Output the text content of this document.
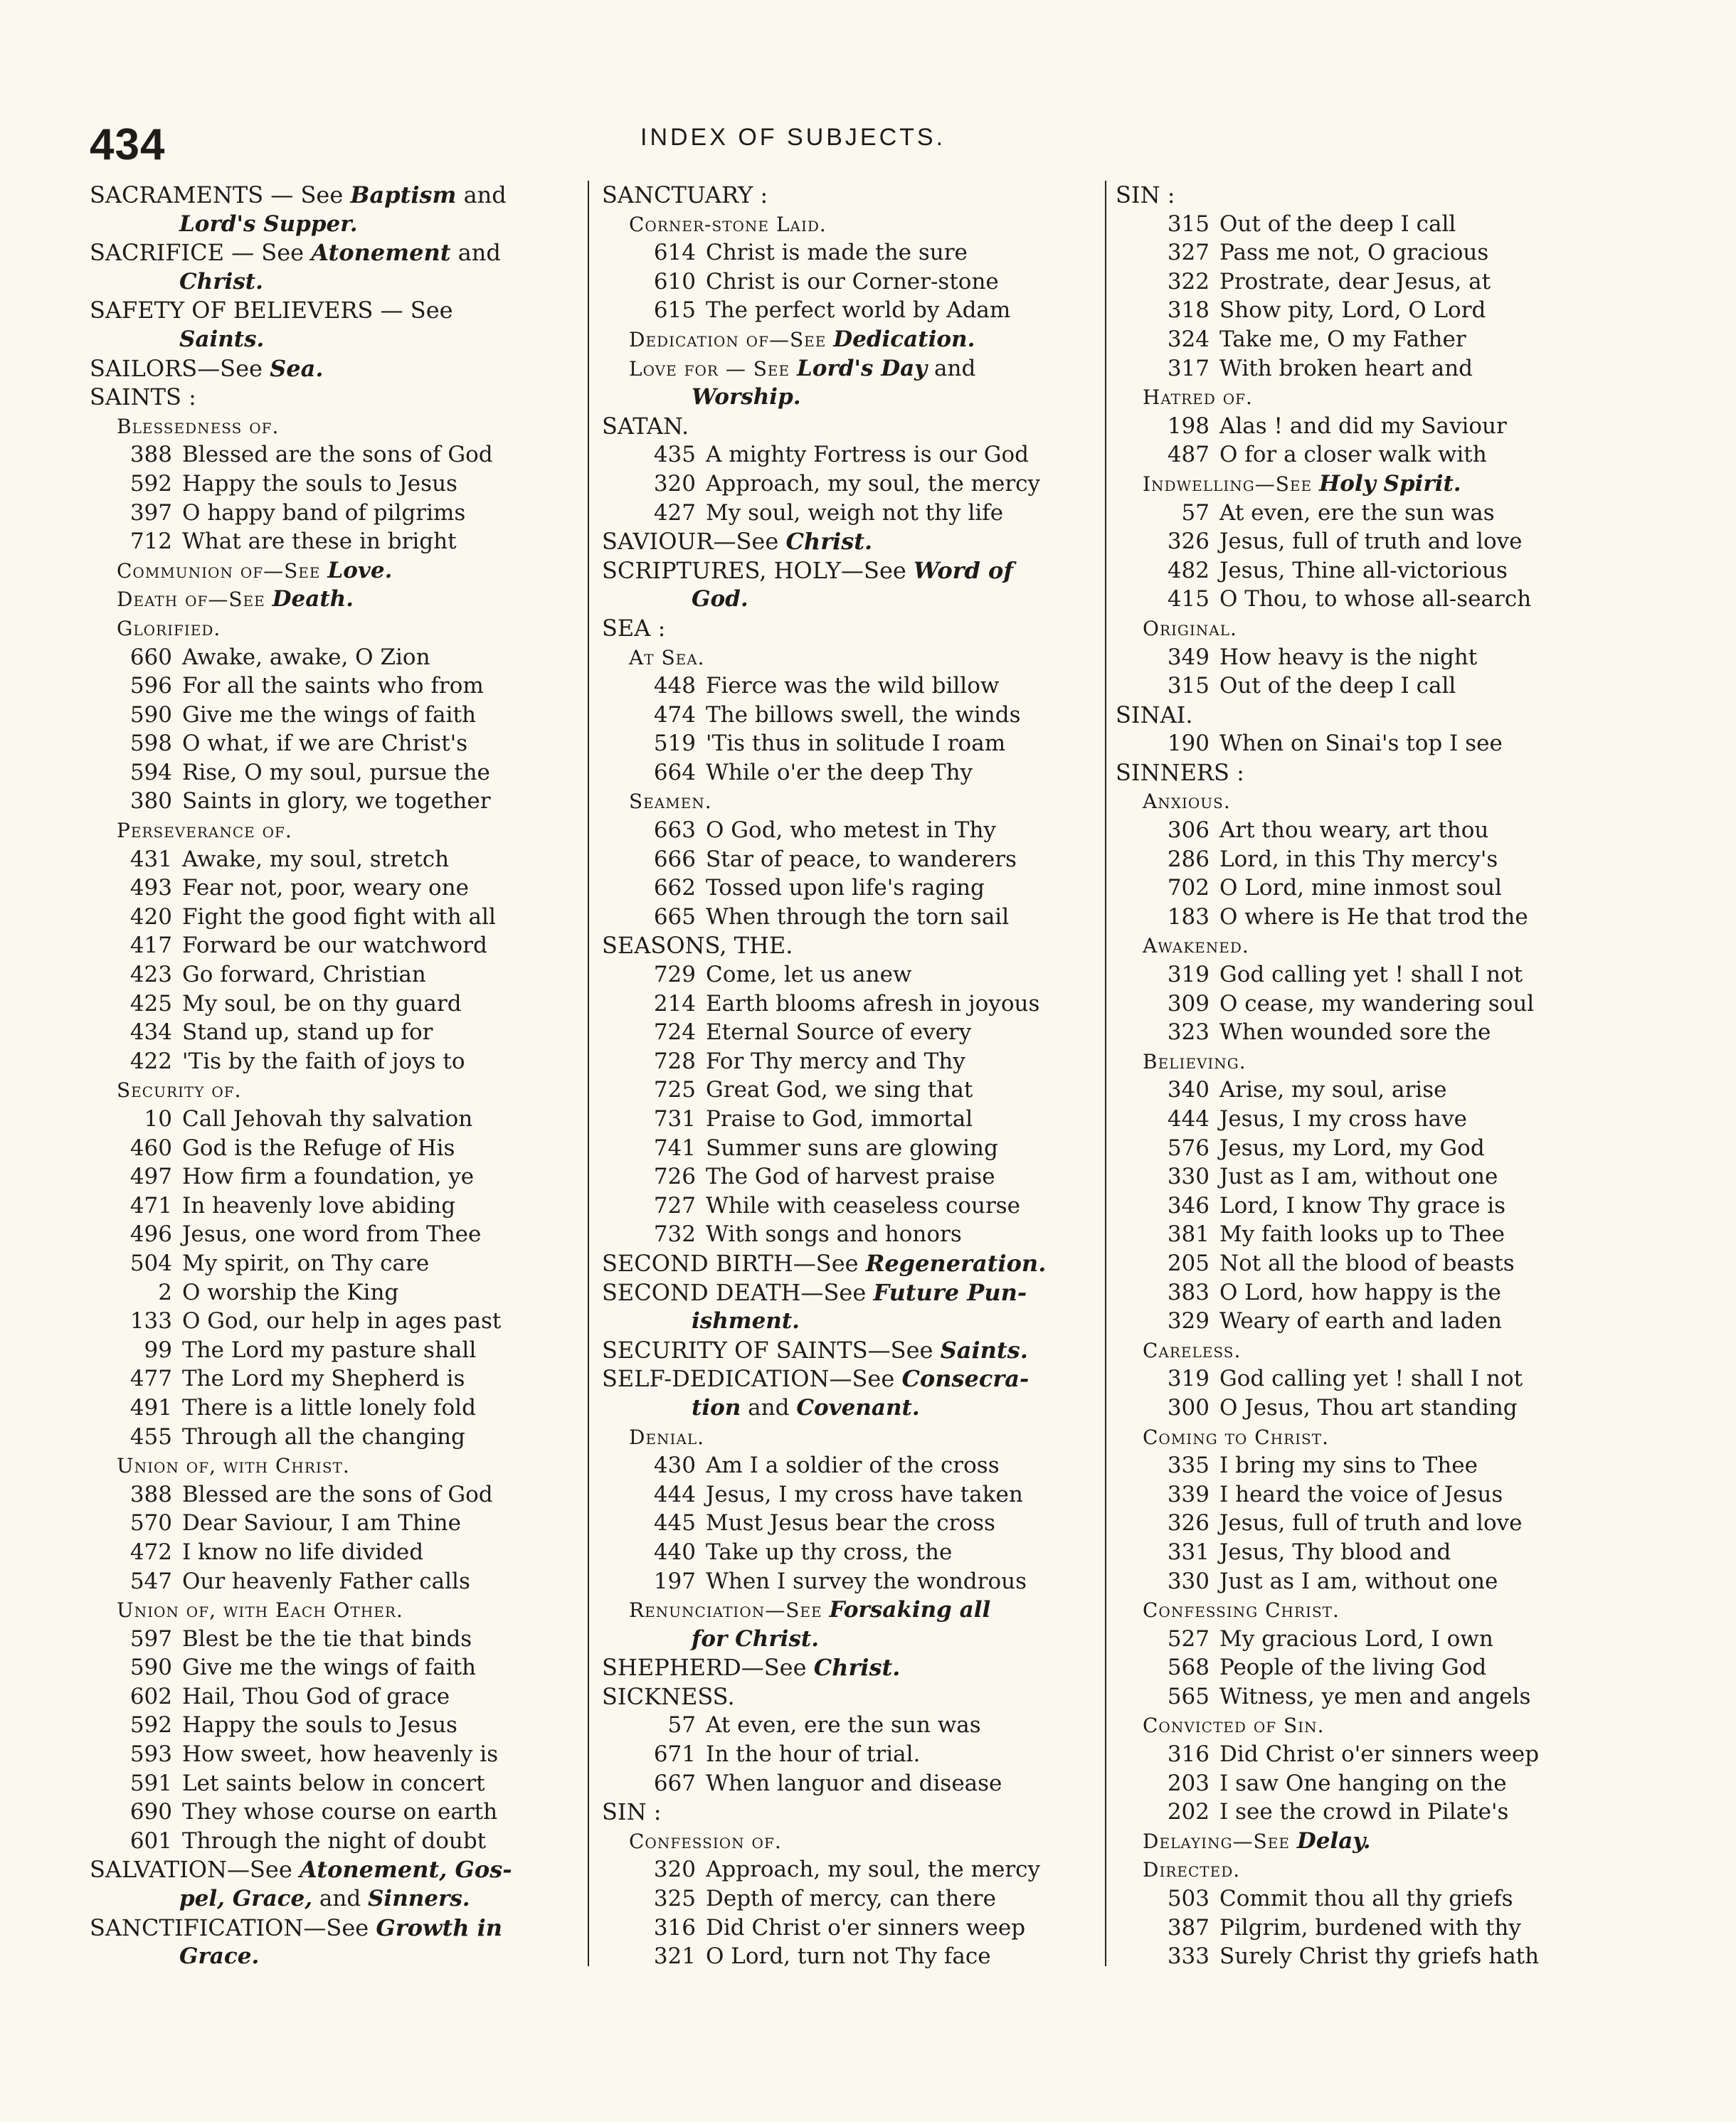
434	INDEX OF SUBJECTS.
SACRAMENTS — See Baptism and
Lord's Supper.
SACRIFICE — See Atonement and
Christ.
SAFETY OF BELIEVERS — See
Saints.
SAILORS—See Sea.
SAINTS :
Blessedness of.
388 Blessed are the sons of God
592 Happy the souls to Jesus
397 O happy band of pilgrims
712 What are these in bright
Communion of—See Love.
Death of—See Death.
Glorified.
660 Awake, awake, O Zion
596 For all the saints who from
590 Give me the wings of faith
598 O what, if we are Christ's
594 Rise, O my soul, pursue the
380 Saints in glory, we together
Perseverance of.
431 Awake, my soul, stretch
493 Fear not, poor, weary one
420 Fight the good fight with all
417 Forward be our watchword
423 Go forward, Christian
425 My soul, be on thy guard
434 Stand up, stand up for
422 'Tis by the faith of joys to
Security of.
10 Call Jehovah thy salvation
460 God is the Refuge of His
497 How firm a foundation, ye
471 In heavenly love abiding
496 Jesus, one word from Thee
504 My spirit, on Thy care
2 O worship the King
133 O God, our help in ages past
99 The Lord my pasture shall
477 The Lord my Shepherd is
491 There is a little lonely fold
455 Through all the changing
Union of, with Christ.
388 Blessed are the sons of God
570 Dear Saviour, I am Thine
472 I know no life divided
547 Our heavenly Father calls
Union of, with Each Other.
597 Blest be the tie that binds
590 Give me the wings of faith
602 Hail, Thou God of grace
592 Happy the souls to Jesus
593 How sweet, how heavenly is
591 Let saints below in concert
690 They whose course on earth
601 Through the night of doubt
SALVATION—See Atonement, Gos-
pel, Grace, and Sinners.
SANCTIFICATION—See Growth in
Grace.
SANCTUARY :
Corner-stone Laid.
614 Christ is made the sure
610 Christ is our Corner-stone
615 The perfect world by Adam
Dedication of—See Dedication.
Love for — See Lord's Day and
Worship.
SATAN.
435 A mighty Fortress is our God
320 Approach, my soul, the mercy
427 My soul, weigh not thy life
SAVIOUR—See Christ.
SCRIPTURES, HOLY—See Word of
God.
SEA :
At Sea.
448 Fierce was the wild billow
474 The billows swell, the winds
519 'Tis thus in solitude I roam
664 While o'er the deep Thy
Seamen.
663 O God, who metest in Thy
666 Star of peace, to wanderers
662 Tossed upon life's raging
665 When through the torn sail
SEASONS, THE.
729 Come, let us anew
214 Earth blooms afresh in joyous
724 Eternal Source of every
728 For Thy mercy and Thy
725 Great God, we sing that
731 Praise to God, immortal
741 Summer suns are glowing
726 The God of harvest praise
727 While with ceaseless course
732 With songs and honors
SECOND BIRTH—See Regeneration.
SECOND DEATH—See Future Pun-
ishment.
SECURITY OF SAINTS—See Saints.
SELF-DEDICATION—See Consecra-
tion and Covenant.
Denial.
430 Am I a soldier of the cross
444 Jesus, I my cross have taken
445 Must Jesus bear the cross
440 Take up thy cross, the
197 When I survey the wondrous
Renunciation—See Forsaking all
for Christ.
SHEPHERD—See Christ.
SICKNESS.
57 At even, ere the sun was
671 In the hour of trial.
667 When languor and disease
SIN :
Confession of.
320 Approach, my soul, the mercy
325 Depth of mercy, can there
316 Did Christ o'er sinners weep
321 O Lord, turn not Thy face
SIN :
315 Out of the deep I call
327 Pass me not, O gracious
322 Prostrate, dear Jesus, at
318 Show pity, Lord, O Lord
324 Take me, O my Father
317 With broken heart and
Hatred of.
198 Alas ! and did my Saviour
487 O for a closer walk with
Indwelling—See Holy Spirit.
57 At even, ere the sun was
326 Jesus, full of truth and love
482 Jesus, Thine all-victorious
415 O Thou, to whose all-search
Original.
349 How heavy is the night
315 Out of the deep I call
SINAI.
190 When on Sinai's top I see
SINNERS :
Anxious.
306 Art thou weary, art thou
286 Lord, in this Thy mercy's
702 O Lord, mine inmost soul
183 O where is He that trod the
Awakened.
319 God calling yet ! shall I not
309 O cease, my wandering soul
323 When wounded sore the
Believing.
340 Arise, my soul, arise
444 Jesus, I my cross have
576 Jesus, my Lord, my God
330 Just as I am, without one
346 Lord, I know Thy grace is
381 My faith looks up to Thee
205 Not all the blood of beasts
383 O Lord, how happy is the
329 Weary of earth and laden
Careless.
319 God calling yet ! shall I not
300 O Jesus, Thou art standing
Coming to Christ.
335 I bring my sins to Thee
339 I heard the voice of Jesus
326 Jesus, full of truth and love
331 Jesus, Thy blood and
330 Just as I am, without one
Confessing Christ.
527 My gracious Lord, I own
568 People of the living God
565 Witness, ye men and angels
Convicted of Sin.
316 Did Christ o'er sinners weep
203 I saw One hanging on the
202 I see the crowd in Pilate's
Delaying—See Delay.
Directed.
503 Commit thou all thy griefs
387 Pilgrim, burdened with thy
333 Surely Christ thy griefs hath
